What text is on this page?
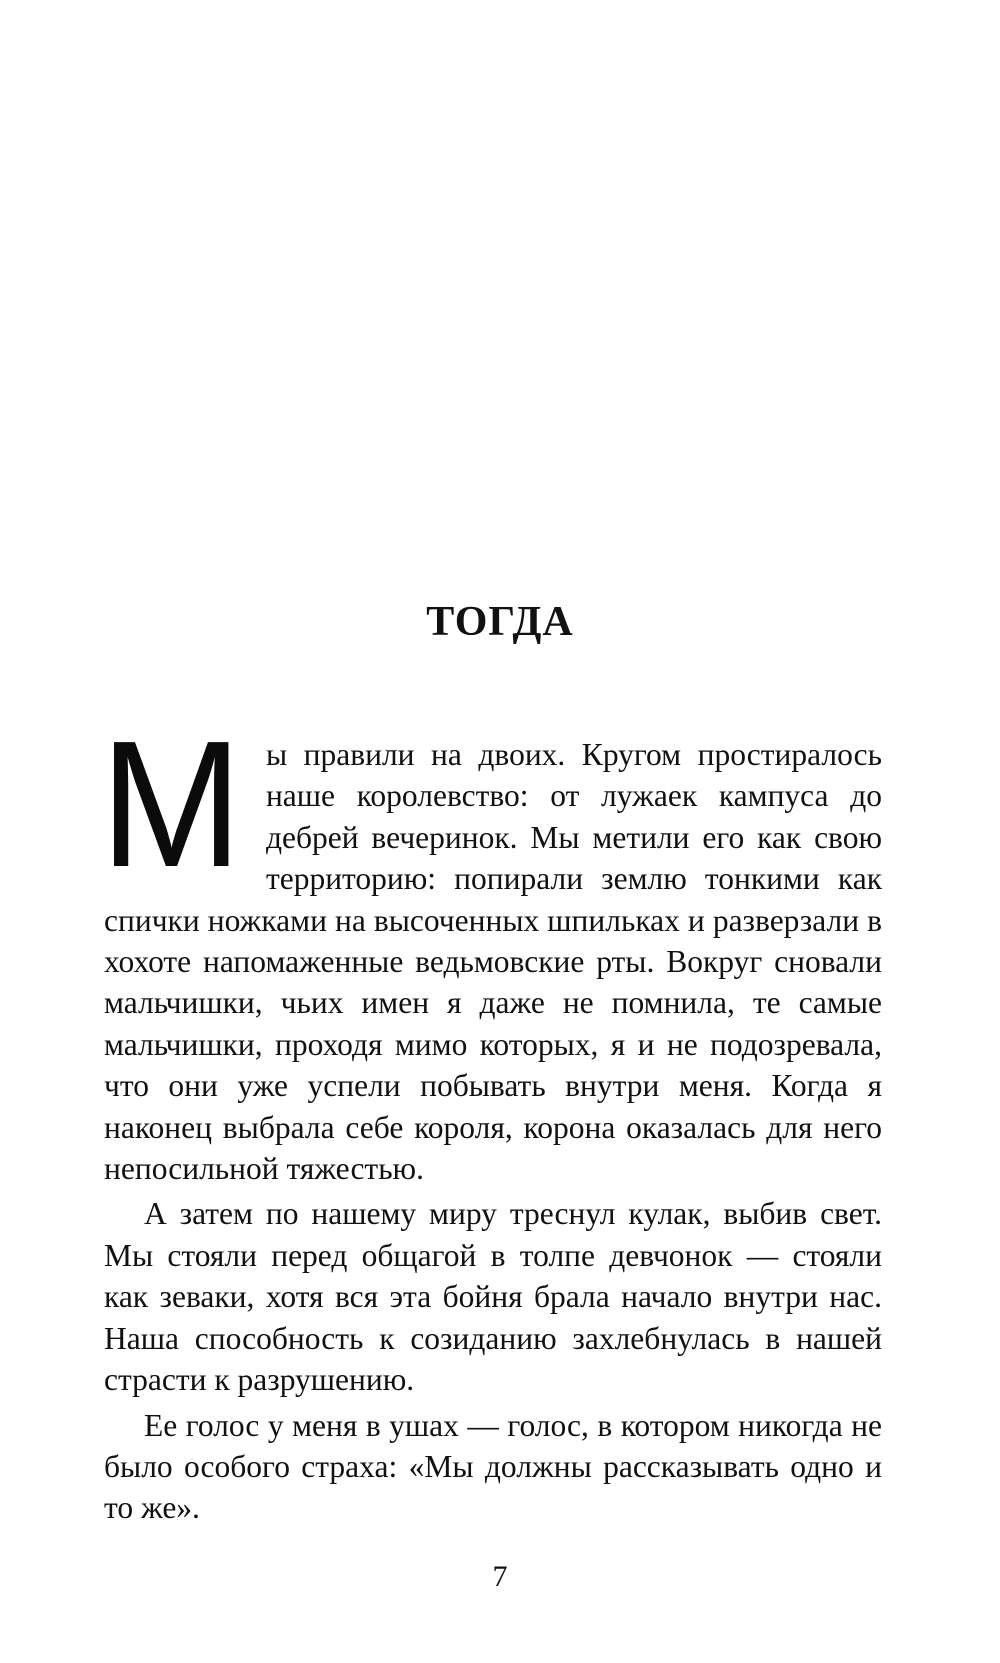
ТОГДА

М ы правили на двоих. Кругом простиралось наше королевство: от лужаек кампуса до дебрей вечеринок. Мы метили его как свою территорию: попирали землю тонкими как спички ножками на высоченных шпильках и разверзали в хохоте напомаженные ведьмовские рты. Вокруг сновали мальчишки, чьих имен я даже не помнила, те самые мальчишки, проходя мимо которых, я и не подозревала, что они уже успели побывать внутри меня. Когда я наконец выбрала себе короля, корона оказалась для него непосильной тяжестью.

А затем по нашему миру треснул кулак, выбив свет. Мы стояли перед общагой в толпе девчонок — стояли как зеваки, хотя вся эта бойня брала начало внутри нас. Наша способность к созиданию захлебнулась в нашей страсти к разрушению.

Ее голос у меня в ушах — голос, в котором никогда не было особого страха: «Мы должны рассказывать одно и то же».

7
